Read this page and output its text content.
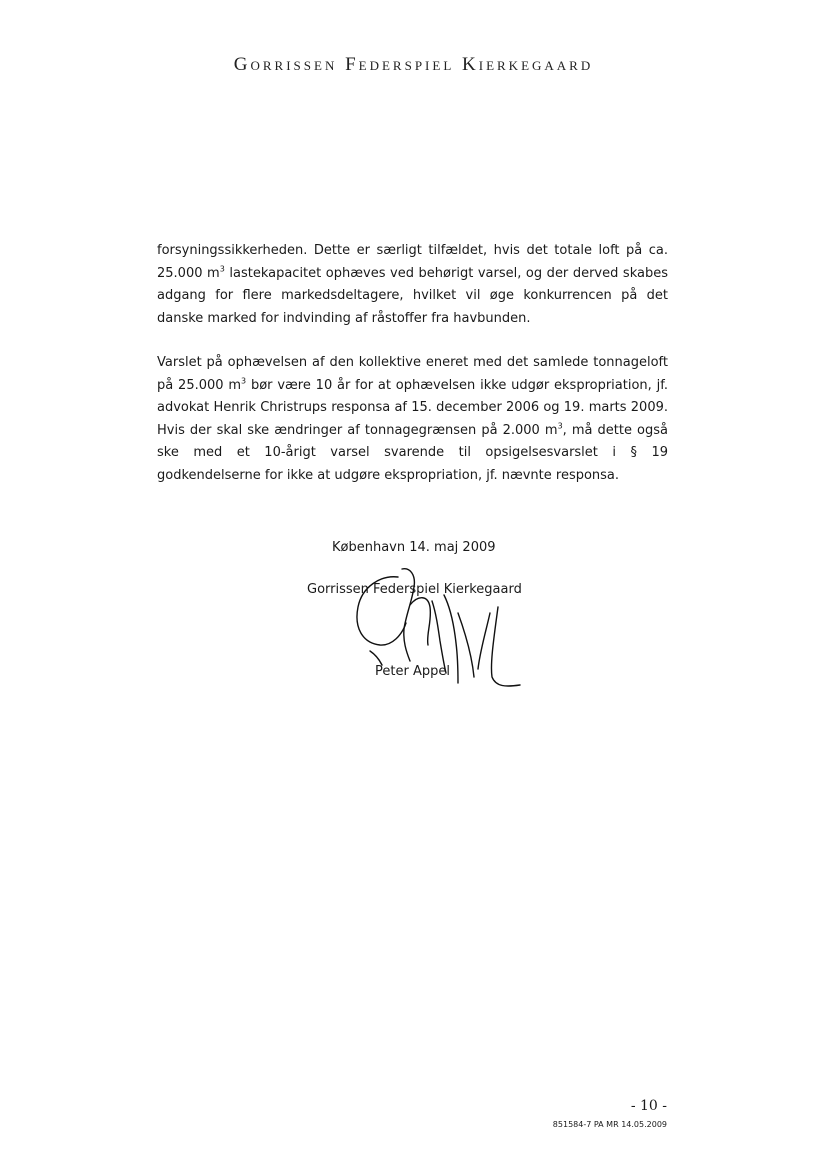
Gorrissen Federspiel Kierkegaard

forsyningssikkerheden. Dette er særligt tilfældet, hvis det totale loft på ca. 25.000 $m^3$ lastekapacitet ophæves ved behørigt varsel, og der derved skabes adgang for flere markedsdeltagere, hvilket vil øge konkurrencen på det danske marked for indvinding af råstoffer fra havbunden.

Varslet på ophævelsen af den kollektive eneret med det samlede tonnageloft på 25.000 $m^3$ bør være 10 år for at ophævelsen ikke udgør ekspropriation, jf. advokat Henrik Christrups responsa af 15. december 2006 og 19. marts 2009. Hvis der skal ske ændringer af tonnagegrænsen på 2.000 $m^3$, må dette også ske med et 10-årigt varsel svarende til opsigelsesvarslet i § 19 godkendelserne for ikke at udgøre ekspropriation, jf. nævnte responsa.

København 14. maj 2009
Gorrissen Federspiel Kierkegaard
Peter Appel
- 10 -
851584-7 PA MR 14.05.2009
